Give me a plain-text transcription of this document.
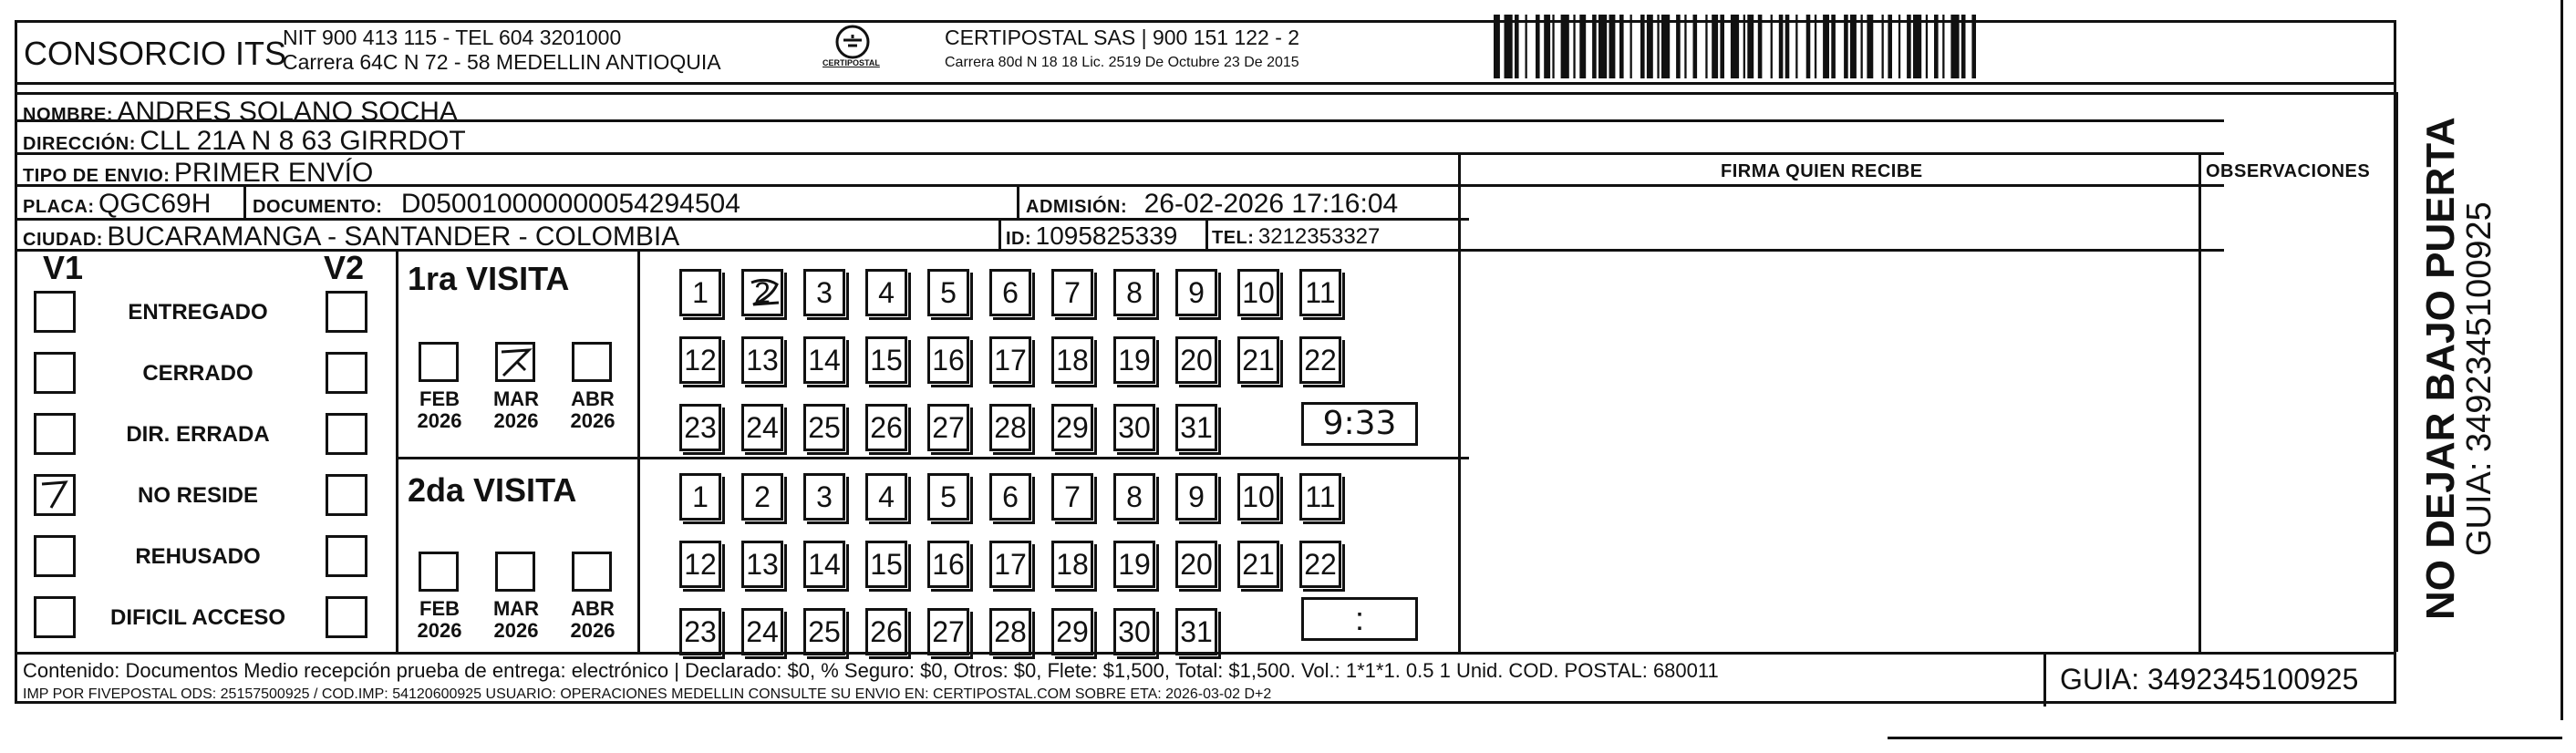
CONSORCIO ITS
NIT 900 413 115 - TEL 604 3201000
Carrera 64C N 72 - 58 MEDELLIN ANTIOQUIA	CERTIPOSTAL
CERTIPOSTAL SAS | 900 151 122 - 2
Carrera 80d N 18 18 Lic. 2519 De Octubre 23 De 2015
NOMBRE: ANDRES SOLANO SOCHA
DIRECCIÓN: CLL 21A N 8 63 GIRRDOT
TIPO DE ENVIO: PRIMER ENVÍO	FIRMA QUIEN RECIBE	OBSERVACIONES
PLACA: QGC69H DOCUMENTO: D050010000000054294504	ADMISIÓN: 26-02-2026 17:16:04
CIUDAD: BUCARAMANGA - SANTANDER - COLOMBIA	ID: 1095825339 TEL: 3212353327
V1	V2
ENTREGADO
CERRADO
DIR. ERRADA
NO RESIDE
REHUSADO
DIFICIL ACCESO
1ra VISITA
2da VISITA
FEB
2026
MAR
2026
ABR
2026
FEB
2026
MAR
2026
ABR
2026
1	2	3	4	5	6	7	8	9	10 11
12 13 14 15 16 17 18 19 20 21 22
23 24 25 26 27 28 29 30 31
1	2	3	4	5	6	7	8	9	10 11
12 13 14 15 16 17 18 19 20 21 22
23 24 25 26 27 28 29 30 31
9:33
:
Contenido: Documentos Medio recepción prueba de entrega: electrónico | Declarado: $0, % Seguro: $0, Otros: $0, Flete: $1,500, Total: $1,500. Vol.: 1*1*1. 0.5 1 Unid. COD. POSTAL: 680011
IMP POR FIVEPOSTAL ODS: 25157500925 / COD.IMP: 54120600925 USUARIO: OPERACIONES MEDELLIN CONSULTE SU ENVIO EN: CERTIPOSTAL.COM SOBRE ETA: 2026-03-02 D+2	GUIA: 3492345100925
NO DEJAR BAJO PUERTA
GUIA: 3492345100925
